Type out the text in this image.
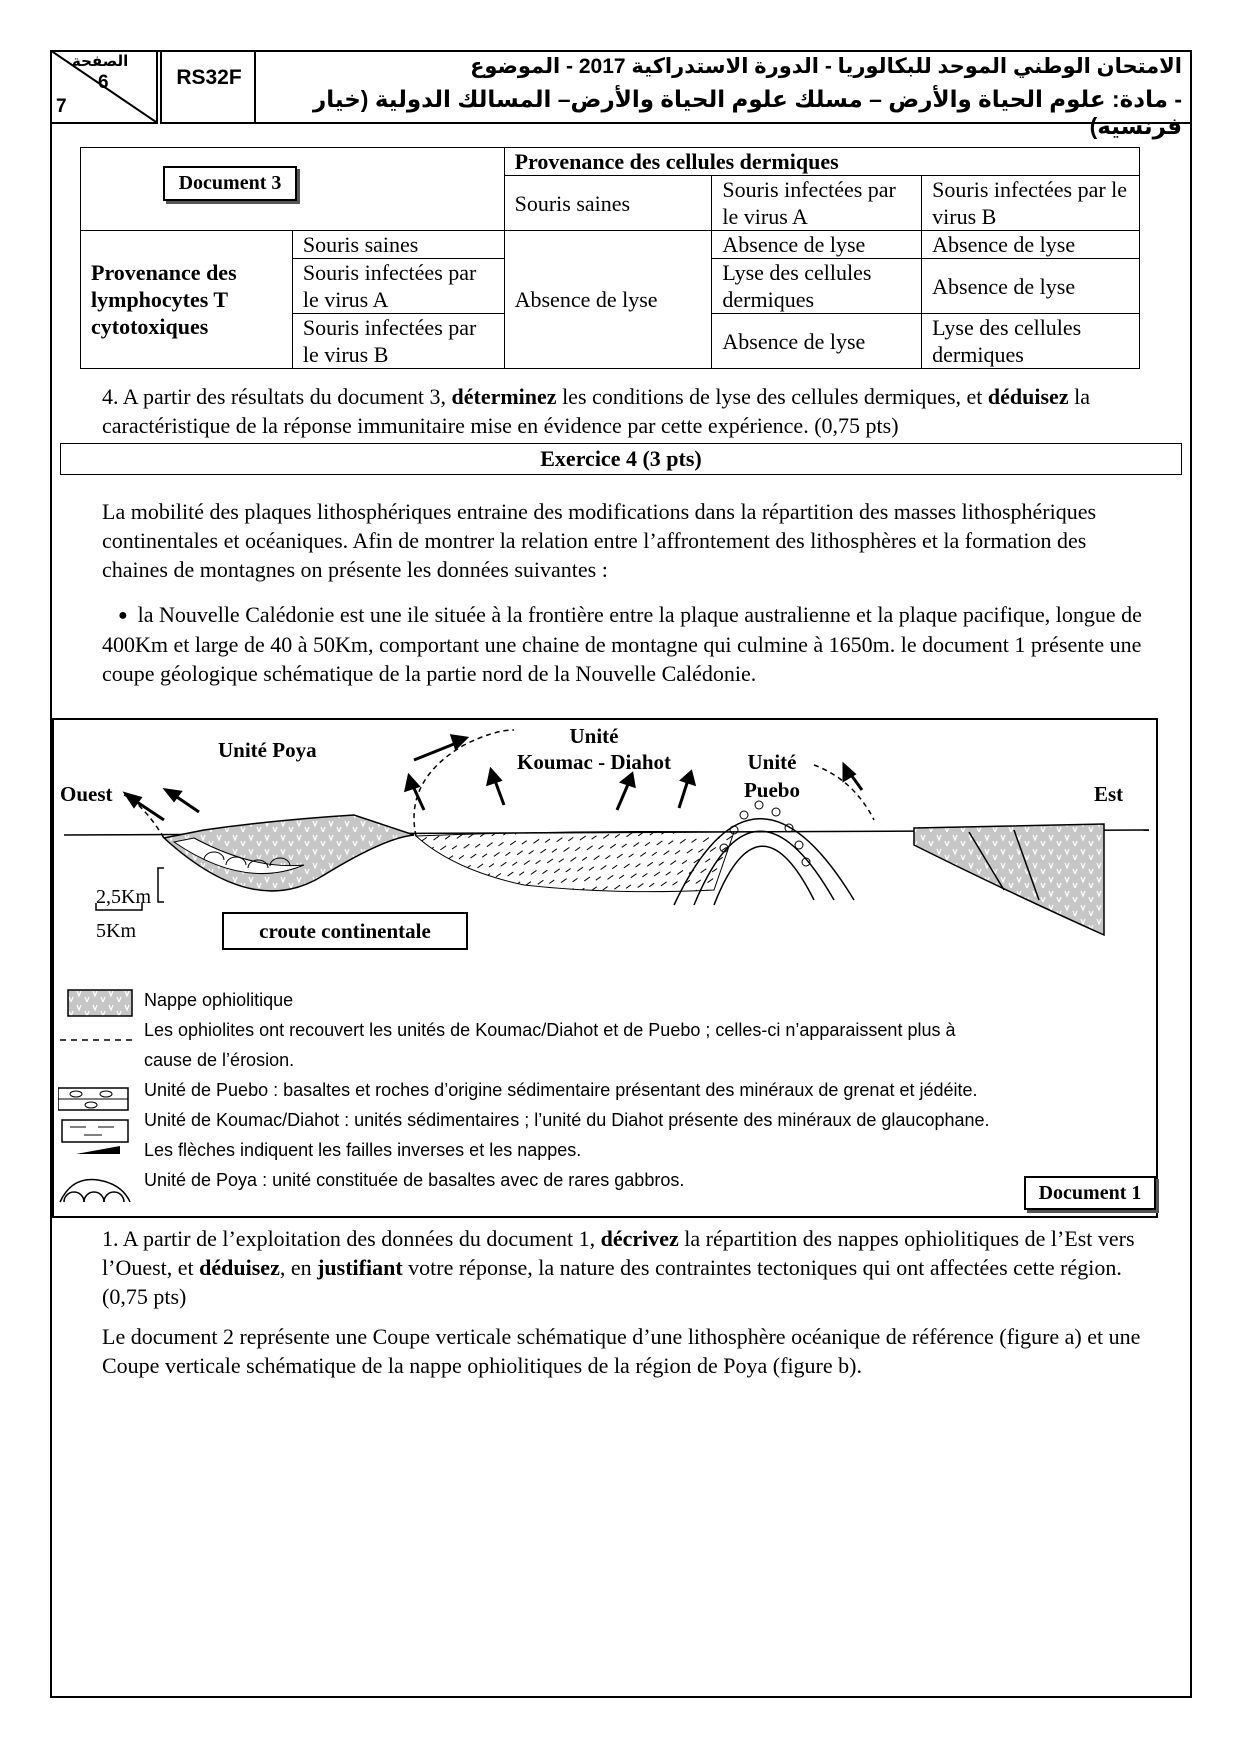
الصفحة
6
7
RS32F	الامتحان الوطني الموحد للبكالوريا - الدورة الاستدراكية 2017 - الموضوع
- مادة: علوم الحياة والأرض – مسلك علوم الحياة والأرض– المسالك الدولية (خيار فرنسية)
Document 3		Provenance des cellules dermiques		
		Souris saines	Souris infectées par le virus A	Souris infectées par le virus B

Provenance des lymphocytes T cytotoxiques	Souris saines	Absence de lyse	Absence de lyse	Absence de lyse
	Souris infectées par le virus A		Lyse des cellules dermiques	Absence de lyse
	Souris infectées par le virus B		Absence de lyse	Lyse des cellules dermiques
4. A partir des résultats du document 3, déterminez les conditions de lyse des cellules dermiques, et déduisez la caractéristique de la réponse immunitaire mise en évidence par cette expérience. (0,75 pts)
Exercice 4 (3 pts)
La mobilité des plaques lithosphériques entraine des modifications dans la répartition des masses lithosphériques continentales et océaniques. Afin de montrer la relation entre l’affrontement des lithosphères et la formation des chaines de montagnes on présente les données suivantes :
● la Nouvelle Calédonie est une ile située à la frontière entre la plaque australienne et la plaque pacifique, longue de 400Km et large de 40 à 50Km, comportant une chaine de montagne qui culmine à 1650m. le document 1 présente une coupe géologique schématique de la partie nord de la Nouvelle Calédonie.
Unité Poya
Unité
Koumac - Diahot	Unité
Puebo
Ouest	Est
2,5Km
5Km	croute continentale
Nappe ophiolitique
Les ophiolites ont recouvert les unités de Koumac/Diahot et de Puebo ; celles-ci n’apparaissent plus à
cause de l’érosion.
Unité de Puebo : basaltes et roches d’origine sédimentaire présentant des minéraux de grenat et jédéite.
Unité de Koumac/Diahot : unités sédimentaires ; l’unité du Diahot présente des minéraux de glaucophane.
Les flèches indiquent les failles inverses et les nappes.
Unité de Poya : unité constituée de basaltes avec de rares gabbros.
Document 1
1. A partir de l’exploitation des données du document 1, décrivez la répartition des nappes ophiolitiques de l’Est vers l’Ouest, et déduisez, en justifiant votre réponse, la nature des contraintes tectoniques qui ont affectées cette région. (0,75 pts)
Le document 2 représente une Coupe verticale schématique d’une lithosphère océanique de référence (figure a) et une Coupe verticale schématique de la nappe ophiolitiques de la région de Poya (figure b).
